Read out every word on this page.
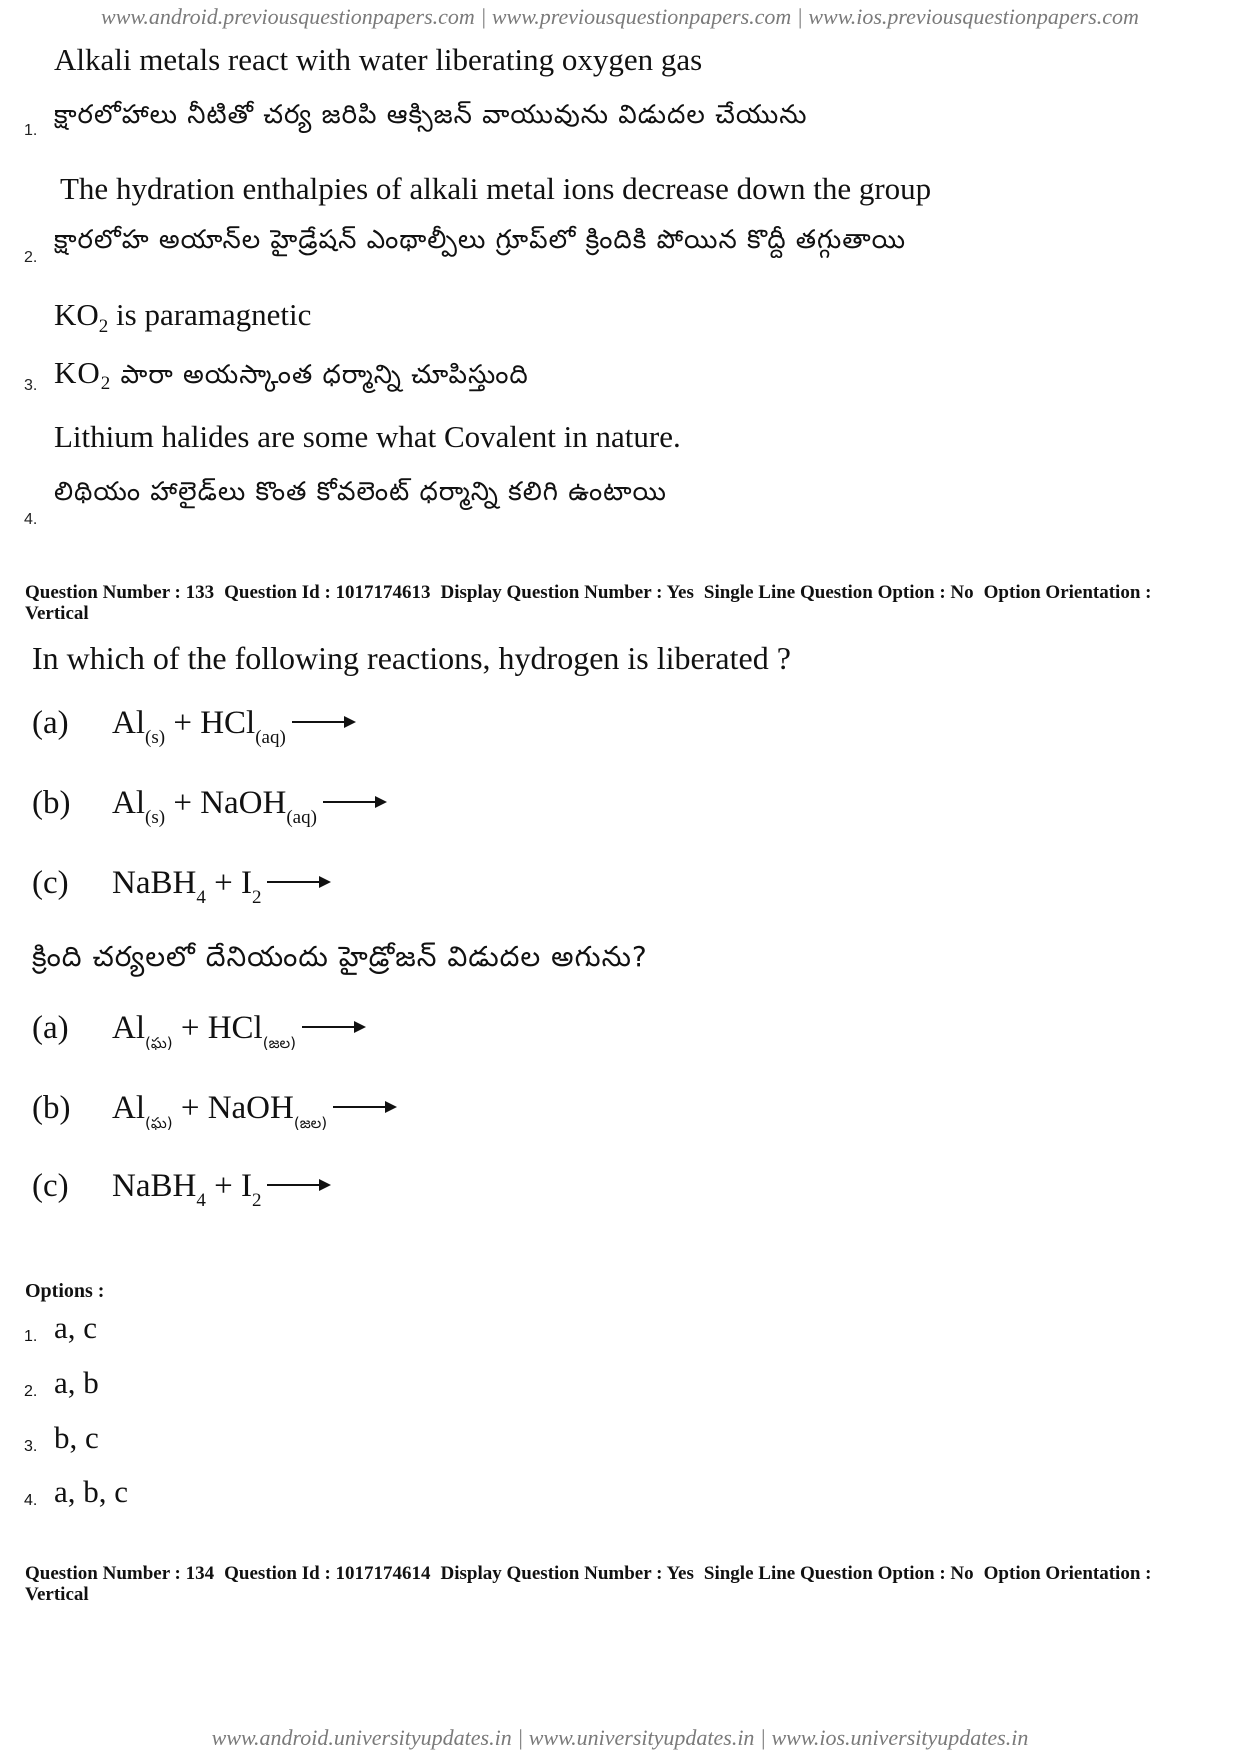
www.android.previousquestionpapers.com | www.previousquestionpapers.com | www.ios.previousquestionpapers.com
Alkali metals react with water liberating oxygen gas
క్షారలోహాలు నీటితో చర్య జరిపి ఆక్సిజన్ వాయువును విడుదల చేయును
1.
The hydration enthalpies of alkali metal ions decrease down the group
క్షారలోహ అయాన్‌ల హైడ్రేషన్ ఎంథాల్పీలు గ్రూప్‌లో క్రిందికి పోయిన కొద్దీ తగ్గుతాయి
2.
$KO_2$ is paramagnetic
$KO_2$ పారా అయస్కాంత ధర్మాన్ని చూపిస్తుంది
3.
Lithium halides are some what Covalent in nature.
లిథియం హాలైడ్‌లు కొంత కోవలెంట్ ధర్మాన్ని కలిగి ఉంటాయి
4.
Question Number : 133 Question Id : 1017174613 Display Question Number : Yes Single Line Question Option : No Option Orientation : Vertical
In which of the following reactions, hydrogen is liberated ?
(a) $Al_{(s)} + HCl_{(aq)}$
(b) $Al_{(s)}$ + NaOH$_{(aq)}$
(c) NaBH$_4$ + $I_2$
క్రింది చర్యలలో దేనియందు హైడ్రోజన్ విడుదల అగును?
(a) $Al_{(ఘ)} + HCl_{(జల)}$
(b) $Al_{(ఘ)}$ + NaOH$_{(జల)}$
(c) NaBH$_4$ + $I_2$
Options :
1. a, c
2. a, b
3. b, c
4. a, b, c
Question Number : 134 Question Id : 1017174614 Display Question Number : Yes Single Line Question Option : No Option Orientation : Vertical
www.android.universityupdates.in | www.universityupdates.in | www.ios.universityupdates.in
